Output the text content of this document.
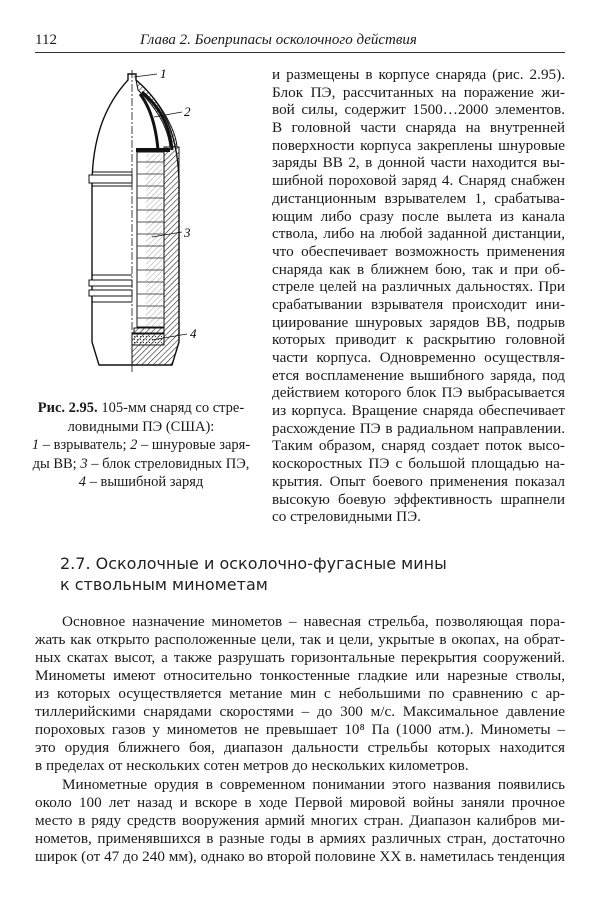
112	Глава 2. Боеприпасы осколочного действия
1
2
3
4
Рис. 2.95. 105-мм снаряд со стре-
ловидными ПЭ (США):
1 – взрыватель; 2 – шнуровые заря-
ды ВВ; 3 – блок стреловидных ПЭ,
4 – вышибной заряд
и размещены в корпусе снаряда (рис. 2.95).
Блок ПЭ, рассчитанных на поражение жи-
вой силы, содержит 1500…2000 элементов.
В головной части снаряда на внутренней
поверхности корпуса закреплены шнуровые
заряды ВВ 2, в донной части находится вы-
шибной пороховой заряд 4. Снаряд снабжен
дистанционным взрывателем 1, срабатыва-
ющим либо сразу после вылета из канала
ствола, либо на любой заданной дистанции,
что обеспечивает возможность применения
снаряда как в ближнем бою, так и при об-
стреле целей на различных дальностях. При
срабатывании взрывателя происходит ини-
циирование шнуровых зарядов ВВ, подрыв
которых приводит к раскрытию головной
части корпуса. Одновременно осуществля-
ется воспламенение вышибного заряда, под
действием которого блок ПЭ выбрасывается
из корпуса. Вращение снаряда обеспечивает
расхождение ПЭ в радиальном направлении.
Таким образом, снаряд создает поток высо-
коскоростных ПЭ с большой площадью на-
крытия. Опыт боевого применения показал
высокую боевую эффективность шрапнели
со стреловидными ПЭ.
2.7. Осколочные и осколочно-фугасные мины
к ствольным минометам
Основное назначение минометов – навесная стрельба, позволяющая пора-
жать как открыто расположенные цели, так и цели, укрытые в окопах, на обрат-
ных скатах высот, а также разрушать горизонтальные перекрытия сооружений.
Минометы имеют относительно тонкостенные гладкие или нарезные стволы,
из которых осуществляется метание мин с небольшими по сравнению с ар-
тиллерийскими снарядами скоростями – до 300 м/с. Максимальное давление
пороховых газов у минометов не превышает 10⁸ Па (1000 атм.). Минометы –
это орудия ближнего боя, диапазон дальности стрельбы которых находится
в пределах от нескольких сотен метров до нескольких километров.
Минометные орудия в современном понимании этого названия появились
около 100 лет назад и вскоре в ходе Первой мировой войны заняли прочное
место в ряду средств вооружения армий многих стран. Диапазон калибров ми-
нометов, применявшихся в разные годы в армиях различных стран, достаточно
широк (от 47 до 240 мм), однако во второй половине XX в. наметилась тенденция
